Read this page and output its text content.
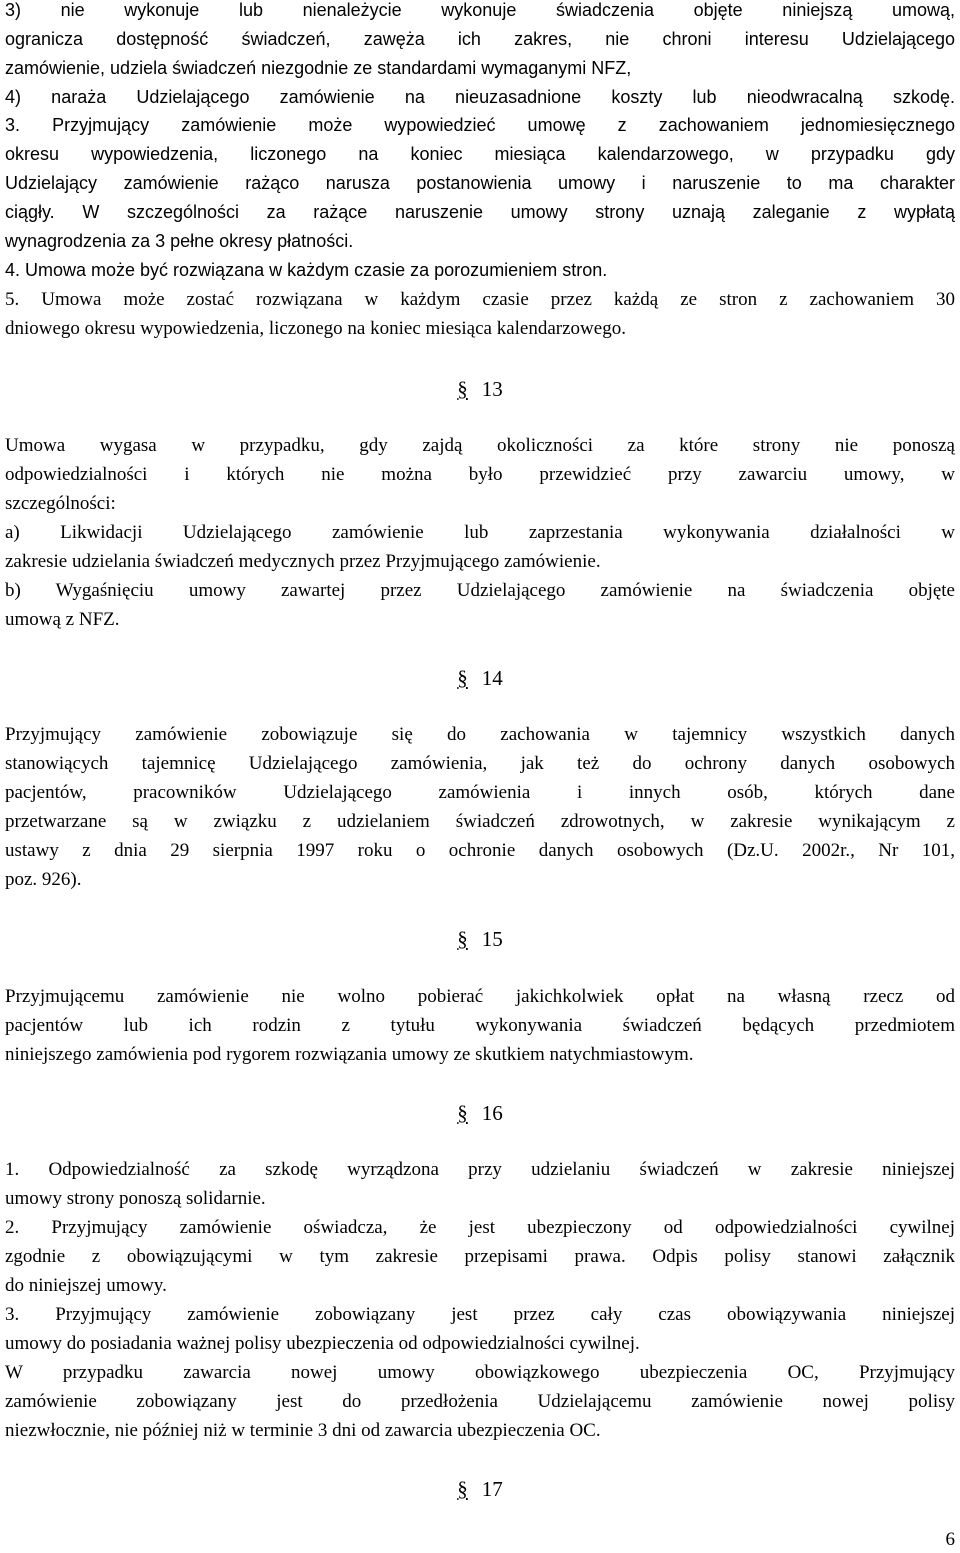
3) nie wykonuje lub nienależycie wykonuje świadczenia objęte niniejszą umową,
ogranicza dostępność świadczeń, zawęża ich zakres, nie chroni interesu Udzielającego
zamówienie, udziela świadczeń niezgodnie ze standardami wymaganymi NFZ,
4) naraża Udzielającego zamówienie na nieuzasadnione koszty lub nieodwracalną szkodę.
3. Przyjmujący zamówienie może wypowiedzieć umowę z zachowaniem jednomiesięcznego
okresu wypowiedzenia, liczonego na koniec miesiąca kalendarzowego, w przypadku gdy
Udzielający zamówienie rażąco narusza postanowienia umowy i naruszenie to ma charakter
ciągły. W szczególności za rażące naruszenie umowy strony uznają zaleganie z wypłatą
wynagrodzenia za 3 pełne okresy płatności.
4. Umowa może być rozwiązana w każdym czasie za porozumieniem stron.
5. Umowa może zostać rozwiązana w każdym czasie przez każdą ze stron z zachowaniem 30
dniowego okresu wypowiedzenia, liczonego na koniec miesiąca kalendarzowego.
§ 13
Umowa wygasa w przypadku, gdy zajdą okoliczności za które strony nie ponoszą
odpowiedzialności i których nie można było przewidzieć przy zawarciu umowy, w
szczególności:
a) Likwidacji Udzielającego zamówienie lub zaprzestania wykonywania działalności w
zakresie udzielania świadczeń medycznych przez Przyjmującego zamówienie.
b) Wygaśnięciu umowy zawartej przez Udzielającego zamówienie na świadczenia objęte
umową z NFZ.
§ 14
Przyjmujący zamówienie zobowiązuje się do zachowania w tajemnicy wszystkich danych
stanowiących tajemnicę Udzielającego zamówienia, jak też do ochrony danych osobowych
pacjentów, pracowników Udzielającego zamówienia i innych osób, których dane
przetwarzane są w związku z udzielaniem świadczeń zdrowotnych, w zakresie wynikającym z
ustawy z dnia 29 sierpnia 1997 roku o ochronie danych osobowych (Dz.U. 2002r., Nr 101,
poz. 926).
§ 15
Przyjmującemu zamówienie nie wolno pobierać jakichkolwiek opłat na własną rzecz od
pacjentów lub ich rodzin z tytułu wykonywania świadczeń będących przedmiotem
niniejszego zamówienia pod rygorem rozwiązania umowy ze skutkiem natychmiastowym.
§ 16
1. Odpowiedzialność za szkodę wyrządzona przy udzielaniu świadczeń w zakresie niniejszej
umowy strony ponoszą solidarnie.
2. Przyjmujący zamówienie oświadcza, że jest ubezpieczony od odpowiedzialności cywilnej
zgodnie z obowiązującymi w tym zakresie przepisami prawa. Odpis polisy stanowi załącznik
do niniejszej umowy.
3. Przyjmujący zamówienie zobowiązany jest przez cały czas obowiązywania niniejszej
umowy do posiadania ważnej polisy ubezpieczenia od odpowiedzialności cywilnej.
W przypadku zawarcia nowej umowy obowiązkowego ubezpieczenia OC, Przyjmujący
zamówienie zobowiązany jest do przedłożenia Udzielającemu zamówienie nowej polisy
niezwłocznie, nie później niż w terminie 3 dni od zawarcia ubezpieczenia OC.
§ 17
6
